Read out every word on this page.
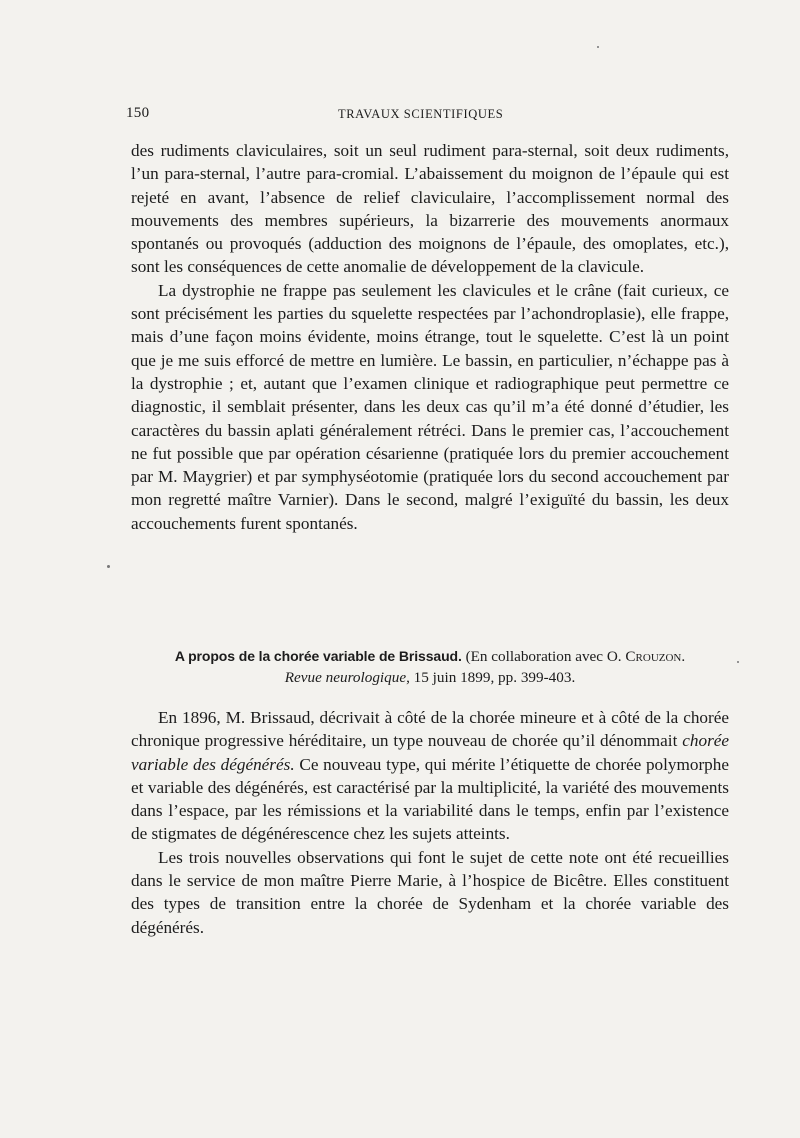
150	TRAVAUX SCIENTIFIQUES

des rudiments claviculaires, soit un seul rudiment para-sternal, soit deux rudiments, l’un para-sternal, l’autre para-cromial. L’abaissement du moignon de l’épaule qui est rejeté en avant, l’absence de relief claviculaire, l’accomplissement normal des mouvements des membres supérieurs, la bizarrerie des mouvements anormaux spontanés ou provoqués (adduction des moignons de l’épaule, des omoplates, etc.), sont les conséquences de cette anomalie de développement de la clavicule.

La dystrophie ne frappe pas seulement les clavicules et le crâne (fait curieux, ce sont précisément les parties du squelette respectées par l’achondroplasie), elle frappe, mais d’une façon moins évidente, moins étrange, tout le squelette. C’est là un point que je me suis efforcé de mettre en lumière. Le bassin, en particulier, n’échappe pas à la dystrophie ; et, autant que l’examen clinique et radiographique peut permettre ce diagnostic, il semblait présenter, dans les deux cas qu’il m’a été donné d’étudier, les caractères du bassin aplati généralement rétréci. Dans le premier cas, l’accouchement ne fut possible que par opération césarienne (pratiquée lors du premier accouchement par M. Maygrier) et par symphyséotomie (pratiquée lors du second accouchement par mon regretté maître Varnier). Dans le second, malgré l’exiguïté du bassin, les deux accouchements furent spontanés.

A propos de la chorée variable de Brissaud. (En collaboration avec O. Crouzon.
Revue neurologique, 15 juin 1899, pp. 399-403.

En 1896, M. Brissaud, décrivait à côté de la chorée mineure et à côté de la chorée chronique progressive héréditaire, un type nouveau de chorée qu’il dénommait chorée variable des dégénérés. Ce nouveau type, qui mérite l’étiquette de chorée polymorphe et variable des dégénérés, est caractérisé par la multiplicité, la variété des mouvements dans l’espace, par les rémissions et la variabilité dans le temps, enfin par l’existence de stigmates de dégénérescence chez les sujets atteints.

Les trois nouvelles observations qui font le sujet de cette note ont été recueillies dans le service de mon maître Pierre Marie, à l’hospice de Bicêtre. Elles constituent des types de transition entre la chorée de Sydenham et la chorée variable des dégénérés.
